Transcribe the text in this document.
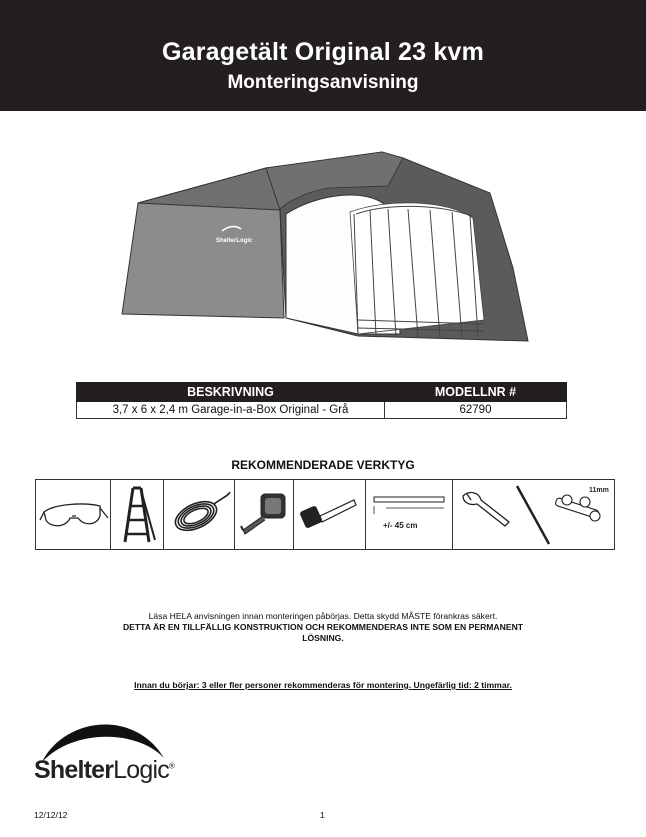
Garagetält Original 23 kvm
Monteringsanvisning
ShelterLogic
BESKRIVNING	MODELLNR #
3,7 x 6 x 2,4 m Garage-in-a-Box Original - Grå	62790
REKOMMENDERADE VERKTYG
+/- 45 cm
11mm
Läsa HELA anvisningen innan monteringen påbörjas. Detta skydd MÅSTE förankras säkert.
DETTA ÄR EN TILLFÄLLIG KONSTRUKTION OCH REKOMMENDERAS INTE SOM EN PERMANENT
LÖSNING.
Innan du börjar: 3 eller fler personer rekommenderas för montering. Ungefärlig tid: 2 timmar.
ShelterLogic®
12/12/12	1
